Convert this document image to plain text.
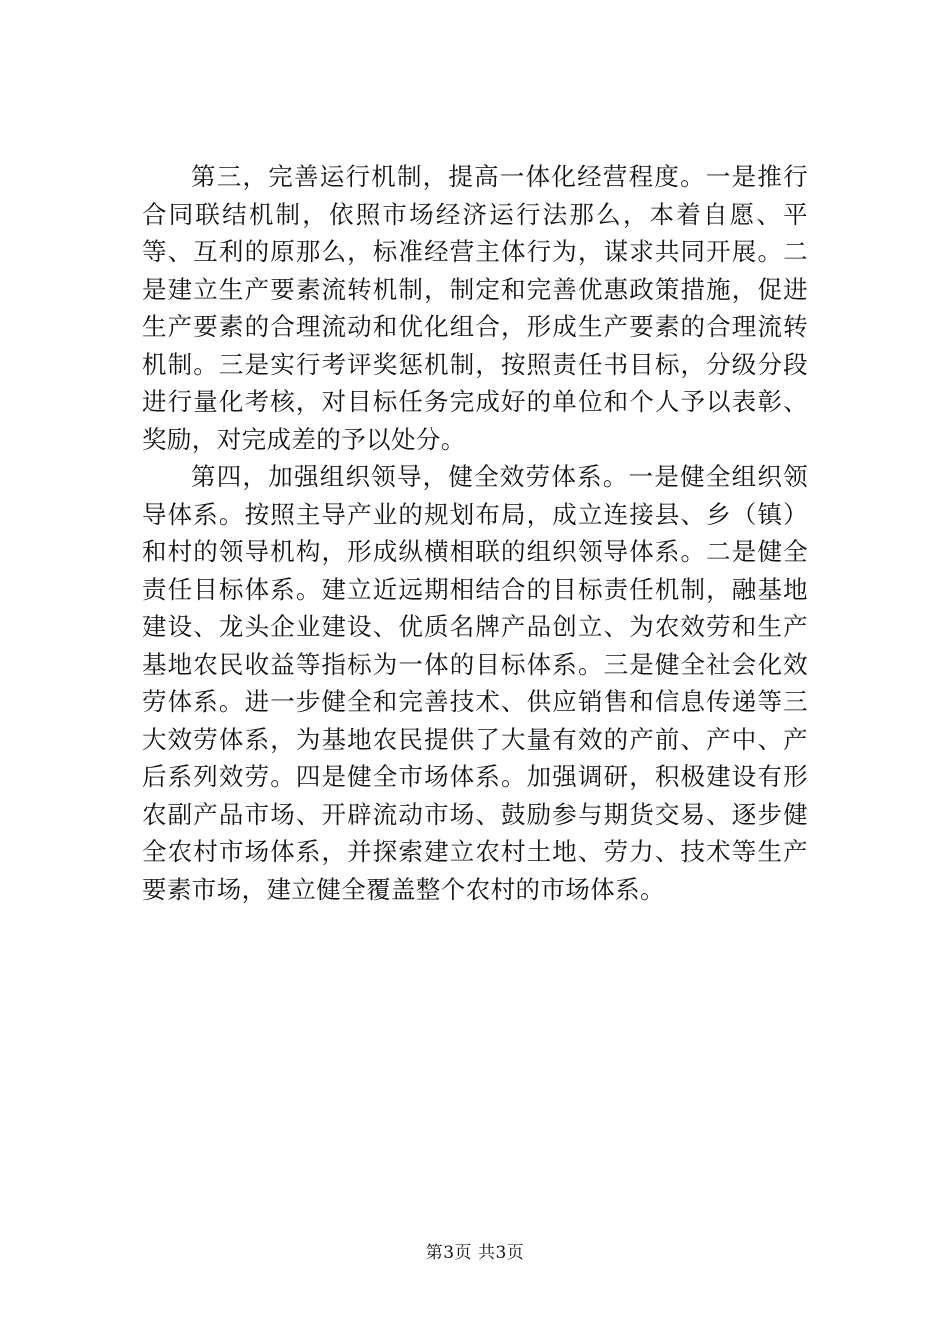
第三，完善运行机制，提高一体化经营程度。一是推行合同联结机制，依照市场经济运行法那么，本着自愿、平等、互利的原那么，标准经营主体行为，谋求共同开展。二是建立生产要素流转机制，制定和完善优惠政策措施，促进生产要素的合理流动和优化组合，形成生产要素的合理流转机制。三是实行考评奖惩机制，按照责任书目标，分级分段进行量化考核，对目标任务完成好的单位和个人予以表彰、奖励，对完成差的予以处分。

第四，加强组织领导，健全效劳体系。一是健全组织领导体系。按照主导产业的规划布局，成立连接县、乡（镇）和村的领导机构，形成纵横相联的组织领导体系。二是健全责任目标体系。建立近远期相结合的目标责任机制，融基地建设、龙头企业建设、优质名牌产品创立、为农效劳和生产基地农民收益等指标为一体的目标体系。三是健全社会化效劳体系。进一步健全和完善技术、供应销售和信息传递等三大效劳体系，为基地农民提供了大量有效的产前、产中、产后系列效劳。四是健全市场体系。加强调研，积极建设有形农副产品市场、开辟流动市场、鼓励参与期货交易、逐步健全农村市场体系，并探索建立农村土地、劳力、技术等生产要素市场，建立健全覆盖整个农村的市场体系。

第3页 共3页
